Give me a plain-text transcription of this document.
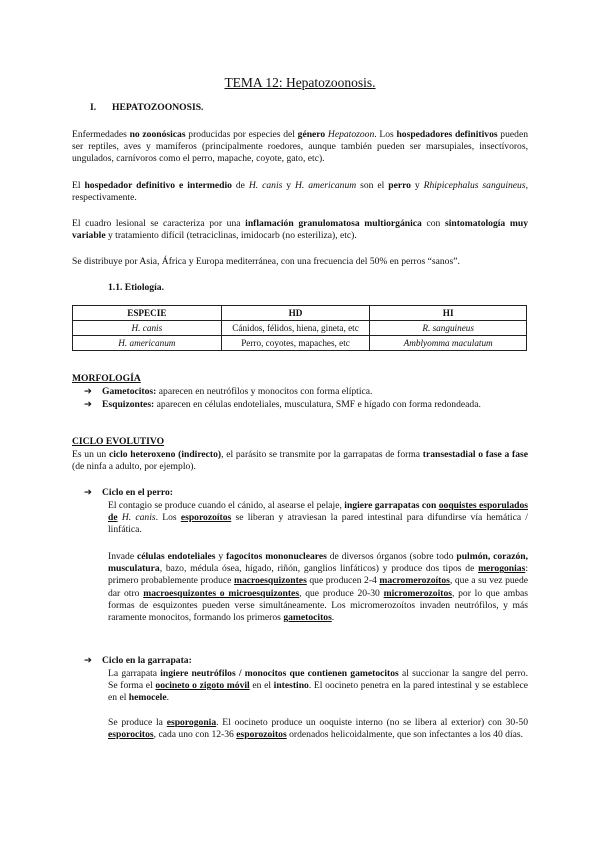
TEMA 12: Hepatozoonosis.
I. HEPATOZOONOSIS.
Enfermedades no zoonósicas producidas por especies del género Hepatozoon. Los hospedadores definitivos pueden ser reptiles, aves y mamíferos (principalmente roedores, aunque también pueden ser marsupiales, insectívoros, ungulados, carnívoros como el perro, mapache, coyote, gato, etc).
El hospedador definitivo e intermedio de H. canis y H. americanum son el perro y Rhipicephalus sanguineus, respectivamente.
El cuadro lesional se caracteriza por una inflamación granulomatosa multiorgánica con sintomatología muy variable y tratamiento difícil (tetraciclinas, imidocarb (no esteriliza), etc).
Se distribuye por Asia, África y Europa mediterránea, con una frecuencia del 50% en perros “sanos”.
1.1. Etiología.
ESPECIE	HD	HI
H. canis	Cánidos, félidos, hiena, gineta, etc	R. sanguineus
H. americanum	Perro, coyotes, mapaches, etc	Amblyomma maculatum
MORFOLOGÍA
➔	Gametocitos: aparecen en neutrófilos y monocitos con forma elíptica.
➔	Esquizontes: aparecen en células endoteliales, musculatura, SMF e hígado con forma redondeada.
CICLO EVOLUTIVO
Es un un ciclo heteroxeno (indirecto), el parásito se transmite por la garrapatas de forma transestadial o fase a fase (de ninfa a adulto, por ejemplo).
➔	Ciclo en el perro:
El contagio se produce cuando el cánido, al asearse el pelaje, ingiere garrapatas con ooquistes esporulados de H. canis. Los esporozoítos se liberan y atraviesan la pared intestinal para difundirse vía hemática / linfática.
Invade células endoteliales y fagocitos mononucleares de diversos órganos (sobre todo pulmón, corazón, musculatura, bazo, médula ósea, hígado, riñón, ganglios linfáticos) y produce dos tipos de merogonias: primero probablemente produce macroesquizontes que producen 2-4 macromerozoítos, que a su vez puede dar otro macroesquizontes o microesquizontes, que produce 20-30 micromerozoitos, por lo que ambas formas de esquizontes pueden verse simultáneamente. Los micromerozoítos invaden neutrófilos, y más raramente monocitos, formando los primeros gametocitos.
➔	Ciclo en la garrapata:
La garrapata ingiere neutrófilos / monocitos que contienen gametocitos al succionar la sangre del perro. Se forma el oocineto o zigoto móvil en el intestino. El oocineto penetra en la pared intestinal y se establece en el hemocele.
Se produce la esporogonia. El oocineto produce un ooquiste interno (no se libera al exterior) con 30-50 esporocitos, cada uno con 12-36 esporozoitos ordenados helicoidalmente, que son infectantes a los 40 días.
